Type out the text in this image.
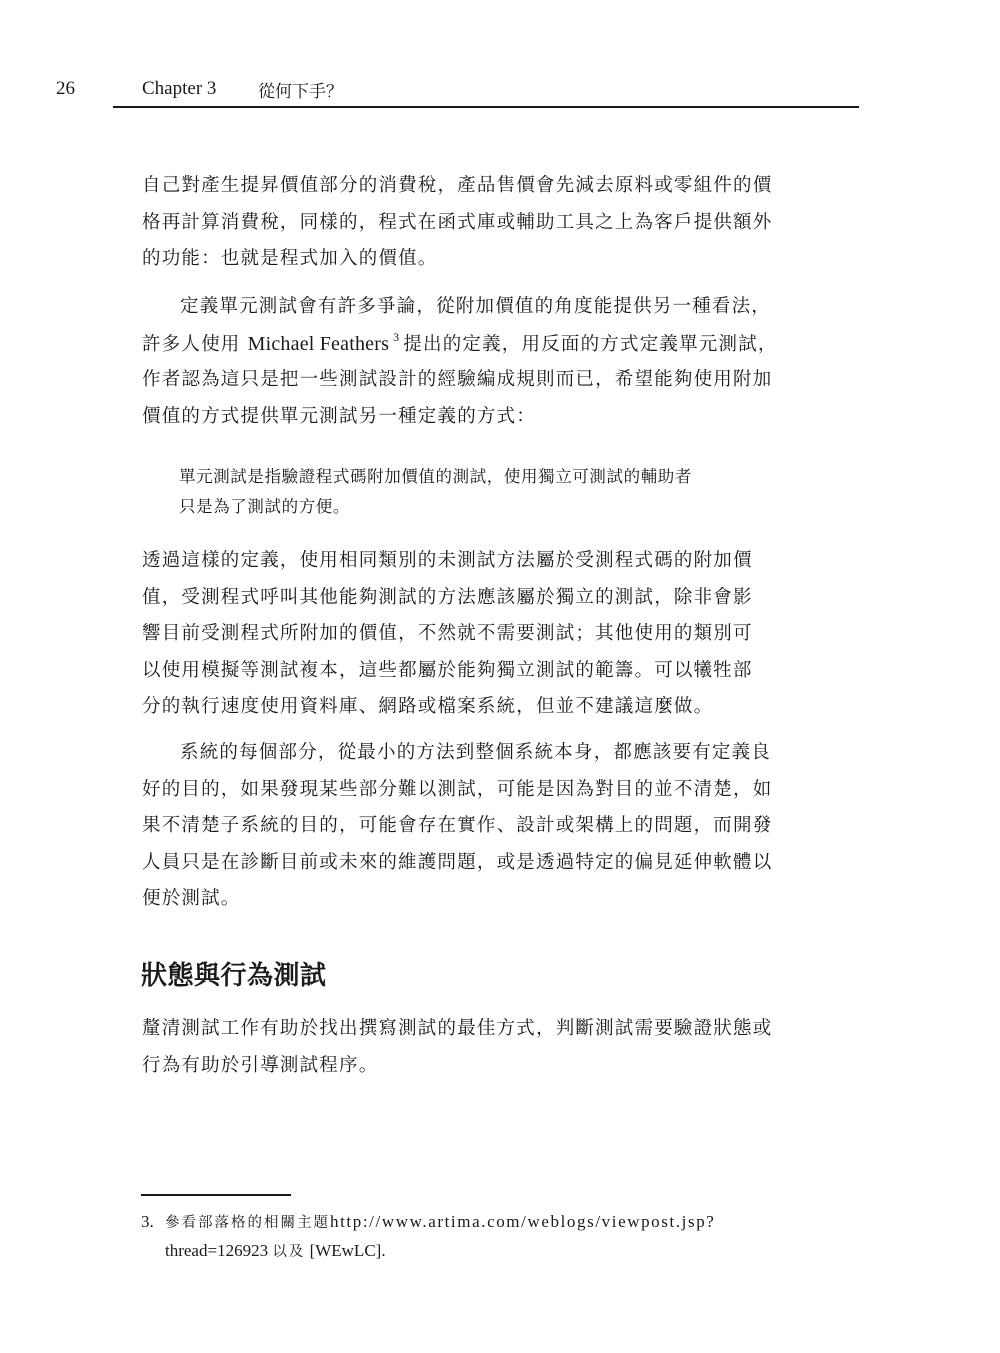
26	Chapter 3 從何下手？
自己對產生提昇價值部分的消費稅，產品售價會先減去原料或零組件的價
格再計算消費稅，同樣的，程式在函式庫或輔助工具之上為客戶提供額外
的功能：也就是程式加入的價值。
定義單元測試會有許多爭論，從附加價值的角度能提供另一種看法，
許多人使用 Michael Feathers $^3$ 提出的定義，用反面的方式定義單元測試，
作者認為這只是把一些測試設計的經驗編成規則而已，希望能夠使用附加
價值的方式提供單元測試另一種定義的方式：
單元測試是指驗證程式碼附加價值的測試，使用獨立可測試的輔助者
只是為了測試的方便。
透過這樣的定義，使用相同類別的未測試方法屬於受測程式碼的附加價
值，受測程式呼叫其他能夠測試的方法應該屬於獨立的測試，除非會影
響目前受測程式所附加的價值，不然就不需要測試；其他使用的類別可
以使用模擬等測試複本，這些都屬於能夠獨立測試的範籌。可以犧牲部
分的執行速度使用資料庫、網路或檔案系統，但並不建議這麼做。
系統的每個部分，從最小的方法到整個系統本身，都應該要有定義良
好的目的，如果發現某些部分難以測試，可能是因為對目的並不清楚，如
果不清楚子系統的目的，可能會存在實作、設計或架構上的問題，而開發
人員只是在診斷目前或未來的維護問題，或是透過特定的偏見延伸軟體以
便於測試。
狀態與行為測試
釐清測試工作有助於找出撰寫測試的最佳方式，判斷測試需要驗證狀態或
行為有助於引導測試程序。
3. 參看部落格的相關主題http://www.artima.com/weblogs/viewpost.jsp?
thread=126923 以及 [WEwLC].
